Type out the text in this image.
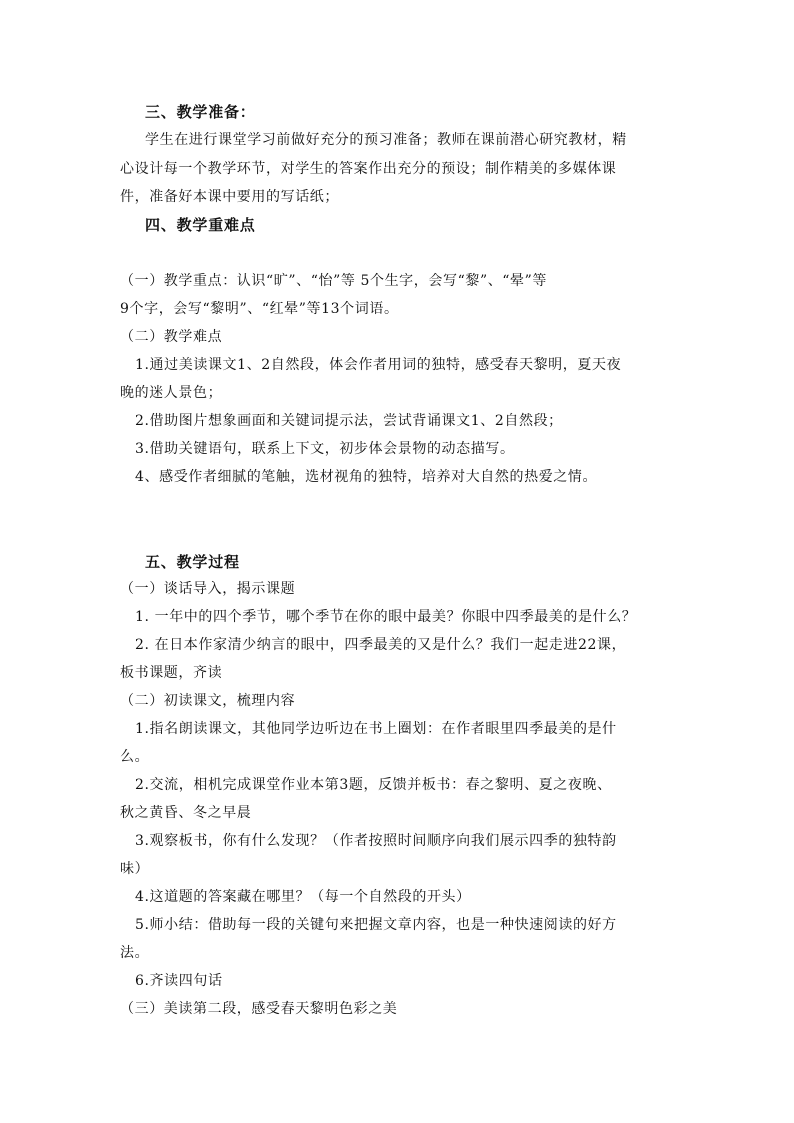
三、教学准备：
学生在进行课堂学习前做好充分的预习准备；教师在课前潜心研究教材，精
心设计每一个教学环节，对学生的答案作出充分的预设；制作精美的多媒体课
件，准备好本课中要用的写话纸；
四、教学重难点
（一）教学重点：认识“旷”、“怡”等 5个生字，会写“黎”、“晕”等
9个字，会写“黎明”、“红晕”等13个词语。
（二）教学难点
1.通过美读课文1、2自然段，体会作者用词的独特，感受春天黎明，夏天夜
晚的迷人景色；
2.借助图片想象画面和关键词提示法，尝试背诵课文1、2自然段；
3.借助关键语句，联系上下文，初步体会景物的动态描写。
4、感受作者细腻的笔触，选材视角的独特，培养对大自然的热爱之情。
五、教学过程
（一）谈话导入，揭示课题
1. 一年中的四个季节，哪个季节在你的眼中最美？你眼中四季最美的是什么？
2. 在日本作家清少纳言的眼中，四季最美的又是什么？我们一起走进22课，
板书课题，齐读
（二）初读课文，梳理内容
1.指名朗读课文，其他同学边听边在书上圈划：在作者眼里四季最美的是什
么。
2.交流，相机完成课堂作业本第3题，反馈并板书：春之黎明、夏之夜晚、
秋之黄昏、冬之早晨
3.观察板书，你有什么发现？（作者按照时间顺序向我们展示四季的独特韵
味）
4.这道题的答案藏在哪里？（每一个自然段的开头）
5.师小结：借助每一段的关键句来把握文章内容，也是一种快速阅读的好方
法。
6.齐读四句话
（三）美读第二段，感受春天黎明色彩之美
